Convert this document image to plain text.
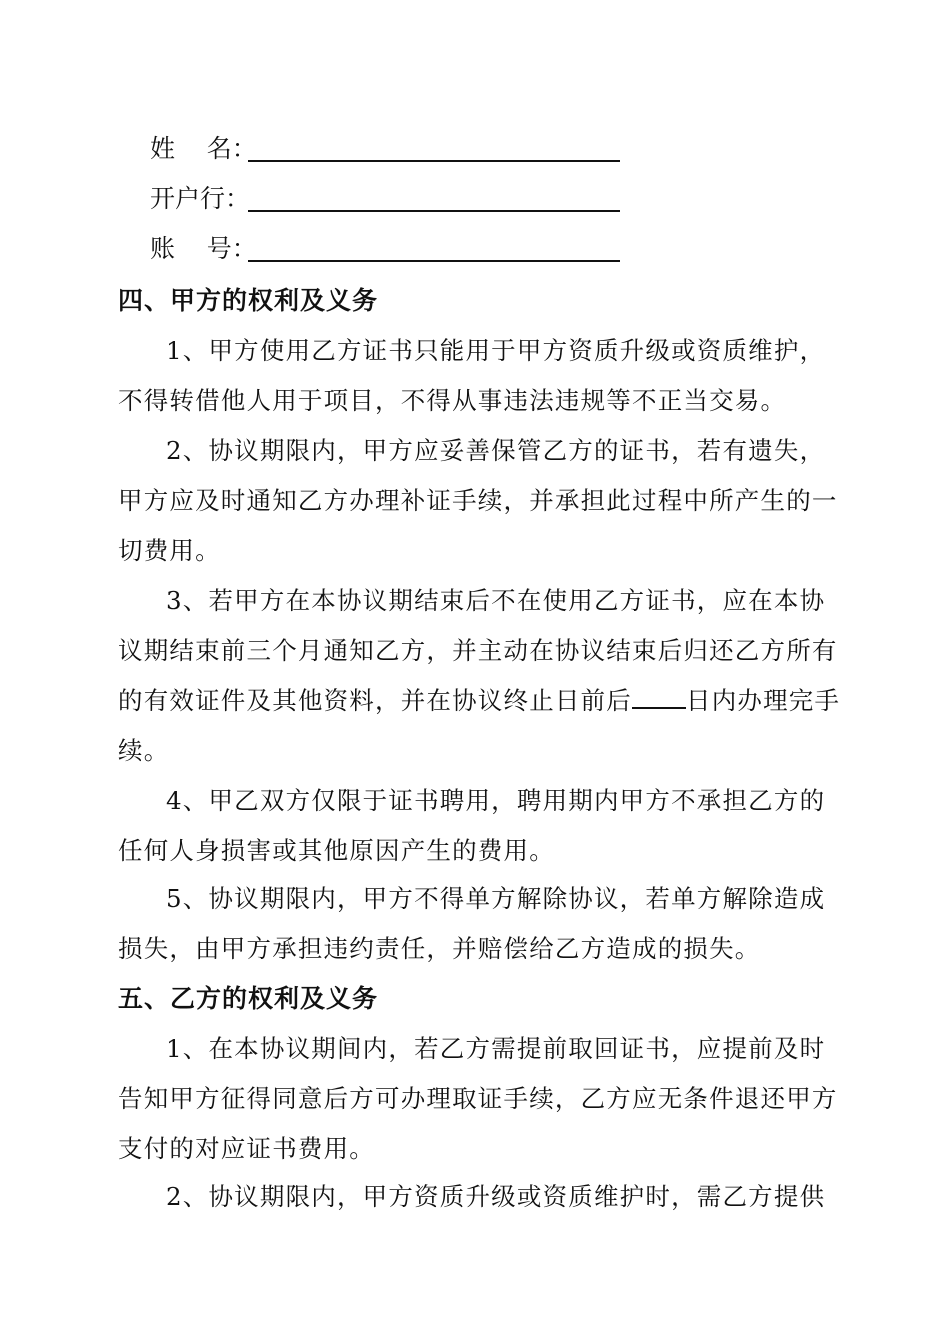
姓    名：
开户行：
账    号：
四、甲方的权利及义务
1、甲方使用乙方证书只能用于甲方资质升级或资质维护，
不得转借他人用于项目，不得从事违法违规等不正当交易。
2、协议期限内，甲方应妥善保管乙方的证书，若有遗失，
甲方应及时通知乙方办理补证手续，并承担此过程中所产生的一
切费用。
3、若甲方在本协议期结束后不在使用乙方证书，应在本协
议期结束前三个月通知乙方，并主动在协议结束后归还乙方所有
的有效证件及其他资料，并在协议终止日前后 日内办理完手
续。
4、甲乙双方仅限于证书聘用，聘用期内甲方不承担乙方的
任何人身损害或其他原因产生的费用。
5、协议期限内，甲方不得单方解除协议，若单方解除造成
损失，由甲方承担违约责任，并赔偿给乙方造成的损失。
五、乙方的权利及义务
1、在本协议期间内，若乙方需提前取回证书，应提前及时
告知甲方征得同意后方可办理取证手续，乙方应无条件退还甲方
支付的对应证书费用。
2、协议期限内，甲方资质升级或资质维护时，需乙方提供
